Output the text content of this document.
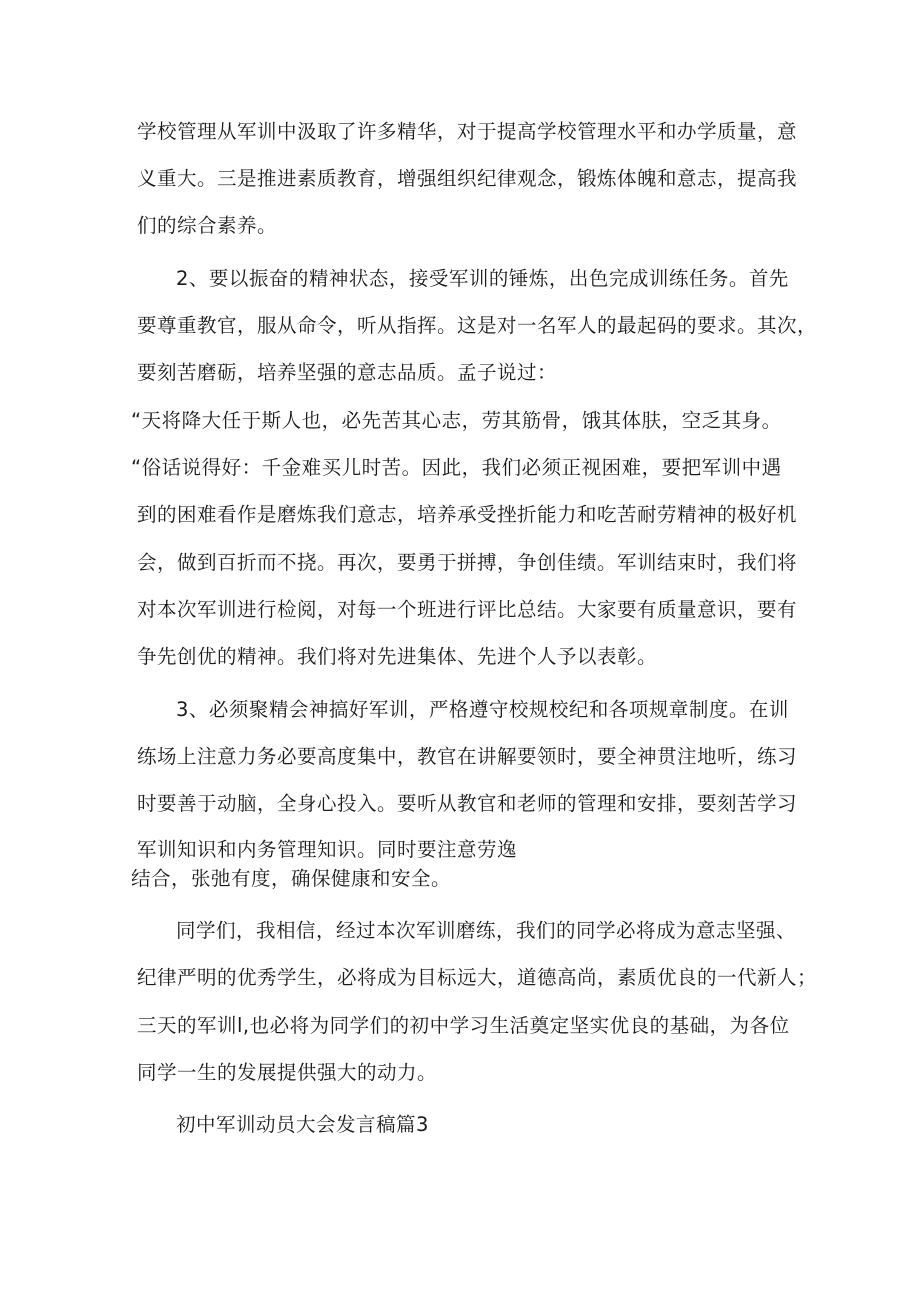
学校管理从军训中汲取了许多精华，对于提高学校管理水平和办学质量，意
义重大。三是推进素质教育，增强组织纪律观念，锻炼体魄和意志，提高我
们的综合素养。
2、要以振奋的精神状态，接受军训的锤炼，出色完成训练任务。首先
要尊重教官，服从命令，听从指挥。这是对一名军人的最起码的要求。其次，
要刻苦磨砺，培养坚强的意志品质。孟子说过：
“天将降大任于斯人也，必先苦其心志，劳其筋骨，饿其体肤，空乏其身。
“俗话说得好：千金难买儿时苦。因此，我们必须正视困难，要把军训中遇
到的困难看作是磨炼我们意志，培养承受挫折能力和吃苦耐劳精神的极好机
会，做到百折而不挠。再次，要勇于拼搏，争创佳绩。军训结束时，我们将
对本次军训进行检阅，对每一个班进行评比总结。大家要有质量意识，要有
争先创优的精神。我们将对先进集体、先进个人予以表彰。
3、必须聚精会神搞好军训，严格遵守校规校纪和各项规章制度。在训
练场上注意力务必要高度集中，教官在讲解要领时，要全神贯注地听，练习
时要善于动脑，全身心投入。要听从教官和老师的管理和安排，要刻苦学习
军训知识和内务管理知识。同时要注意劳逸
结合，张弛有度，确保健康和安全。
同学们，我相信，经过本次军训磨练，我们的同学必将成为意志坚强、
纪律严明的优秀学生，必将成为目标远大，道德高尚，素质优良的一代新人；
三天的军训l,也必将为同学们的初中学习生活奠定坚实优良的基础，为各位
同学一生的发展提供强大的动力。
初中军训动员大会发言稿篇3
